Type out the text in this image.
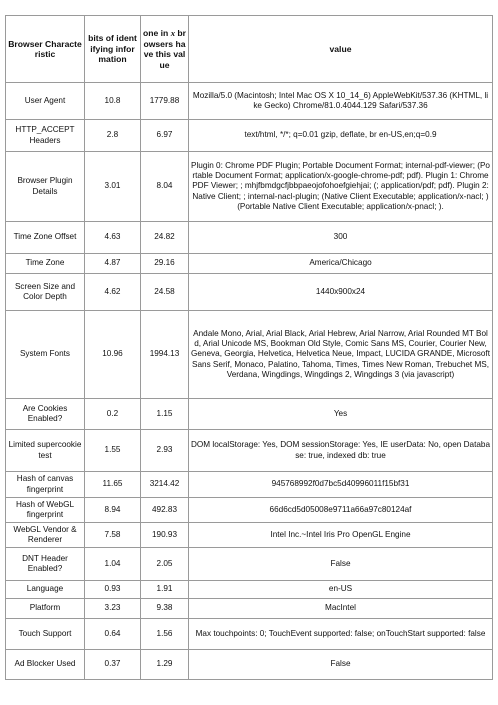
Browser Characteristic	bits of identifying information	one in x browsers have this value	value
User Agent	10.8	1779.88	Mozilla/5.0 (Macintosh; Intel Mac OS X 10_14_6) AppleWebKit/537.36 (KHTML, like Gecko) Chrome/81.0.4044.129 Safari/537.36
HTTP_ACCEPT Headers	2.8	6.97	text/html, */*; q=0.01 gzip, deflate, br en-US,en;q=0.9
Browser Plugin Details	3.01	8.04	Plugin 0: Chrome PDF Plugin; Portable Document Format; internal-pdf-viewer; (Portable Document Format; application/x-google-chrome-pdf; pdf). Plugin 1: Chrome PDF Viewer; ; mhjfbmdgcfjbbpaeojofohoefgiehjai; (; application/pdf; pdf). Plugin 2: Native Client; ; internal-nacl-plugin; (Native Client Executable; application/x-nacl; ) (Portable Native Client Executable; application/x-pnacl; ).
Time Zone Offset	4.63	24.82	300
Time Zone	4.87	29.16	America/Chicago
Screen Size and Color Depth	4.62	24.58	1440x900x24
System Fonts	10.96	1994.13	Andale Mono, Arial, Arial Black, Arial Hebrew, Arial Narrow, Arial Rounded MT Bold, Arial Unicode MS, Bookman Old Style, Comic Sans MS, Courier, Courier New, Geneva, Georgia, Helvetica, Helvetica Neue, Impact, LUCIDA GRANDE, Microsoft Sans Serif, Monaco, Palatino, Tahoma, Times, Times New Roman, Trebuchet MS, Verdana, Wingdings, Wingdings 2, Wingdings 3 (via javascript)
Are Cookies Enabled?	0.2	1.15	Yes
Limited supercookie test	1.55	2.93	DOM localStorage: Yes, DOM sessionStorage: Yes, IE userData: No, open Database: true, indexed db: true
Hash of canvas fingerprint	11.65	3214.42	945768992f0d7bc5d40996011f15bf31
Hash of WebGL fingerprint	8.94	492.83	66d6cd5d05008e9711a66a97c80124af
WebGL Vendor & Renderer	7.58	190.93	Intel Inc.~Intel Iris Pro OpenGL Engine
DNT Header Enabled?	1.04	2.05	False
Language	0.93	1.91	en-US
Platform	3.23	9.38	MacIntel
Touch Support	0.64	1.56	Max touchpoints: 0; TouchEvent supported: false; onTouchStart supported: false
Ad Blocker Used	0.37	1.29	False
